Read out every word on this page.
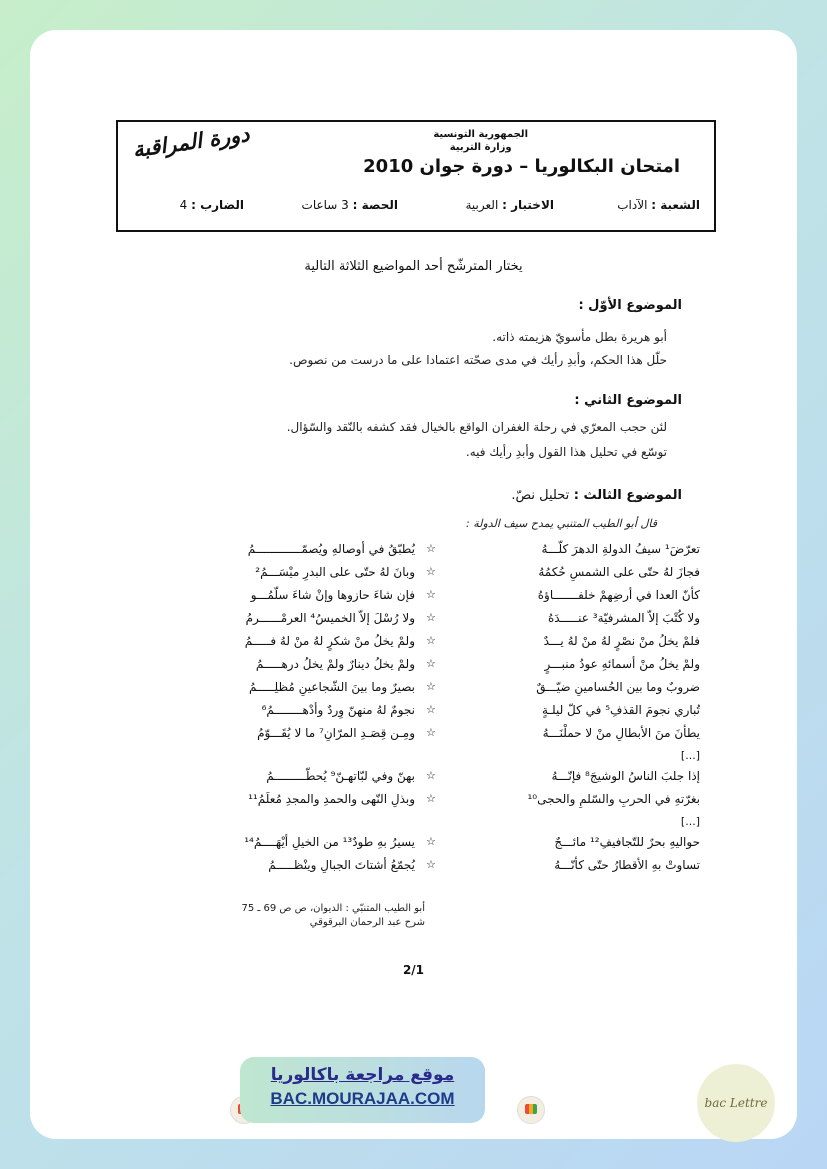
دورة المراقبة	الجمهورية التونسية
وزارة التربية
امتحان البكالوريا – دورة جوان 2010
الشعبة : الآداب
الاختبار : العربية
الحصة : 3 ساعات
الضارب : 4
يختار المترشّح أحد المواضيع الثلاثة التالية
الموضوع الأوّل :
أبو هريرة بطل مأسويّ هزيمته ذاته.
حلّل هذا الحكم، وأبدِ رأيك في مدى صحّته اعتمادا على ما درست من نصوص.
الموضوع الثاني :
لئن حجب المعرّي في رحلة الغفران الواقع بالخيال فقد كشفه بالنّقد والسّؤال.
توسّع في تحليل هذا القول وأبدِ رأيك فيه.
الموضوع الثالث : تحليل نصّ.
قال أبو الطيب المتنبي يمدح سيف الدولة :
تعرّضَ¹ سيفُ الدولةِ الدهرَ كلّـــهُ
☆
يُطبّقُ في أوصالهِ ويُصمّـــــــــــــمُ
فجازَ لهُ حتّى على الشمسِ حُكمُهُ
☆
وبانَ لهُ حتّى على البدرِ ميْسَـــمُ²
كأنّ العدا في أرضِهمْ خلفـــــــاؤهُ
☆
فإن شاءَ حازوها وإنْ شاءَ سلّمُـــو
ولا كُتْبَ إلاّ المشرفيّة³ عنـــــدَهُ
☆
ولا رُسْلَ إلاّ الخميسُ⁴ العرمْــــــرمُ
فلمْ يخلُ منْ نصْرٍ لهُ منْ لهُ يـــدٌ
☆
ولمْ يخلُ منْ شكرٍ لهُ منْ لهُ فـــــمُ
ولمْ يخلُ منْ أسمائهِ عودُ منبـــرٍ
☆
ولمْ يخلُ دينارٌ ولمْ يخلُ درهـــــمُ
ضروبٌ وما بين الحُسامينِ ضيّـــقٌ
☆
بصيرٌ وما بينَ الشّجاعينِ مُظلِـــــمُ
تُباري نجومَ القذفِ⁵ في كلّ ليلـةٍ
☆
نجومٌ لهُ منهنّ وِردٌ وأدْهــــــــمُ⁶
يطأنَ منَ الأبطالِ منْ لا حملْنَـــهُ
☆
ومِـن قِصَـدِ المرّانِ⁷ ما لا يُقَـــوّمُ
[...]
إذا جلبَ الناسُ الوشيجَ⁸ فإنّـــهُ
☆
بهنّ وفي لبّاتهـنّ⁹ يُحطّـــــــــمُ
بغرّتهِ في الحربِ والسّلمِ والحجى¹⁰
☆
وبذلِ النّهى والحمدِ والمجدِ مُعلَمُ¹¹
[...]
حواليهِ بحرٌ للتّجافيفِ¹² مائـــجٌ
☆
يسيرُ بهِ طودٌ¹³ من الخيلِ أيْهَــــمُ¹⁴
تساوتْ بهِ الأقطارُ حتّى كأنّـــهُ
☆
يُجمّعُ أشتاتَ الجبالِ وينْظـــــمُ
أبو الطيب المتنبّي : الديوان، ص ص 69 ـ 75
شرح عبد الرحمان البرقوقي
2/1
موقع مراجعة باكالوريا
BAC.MOURAJAA.COM	bac Lettre
